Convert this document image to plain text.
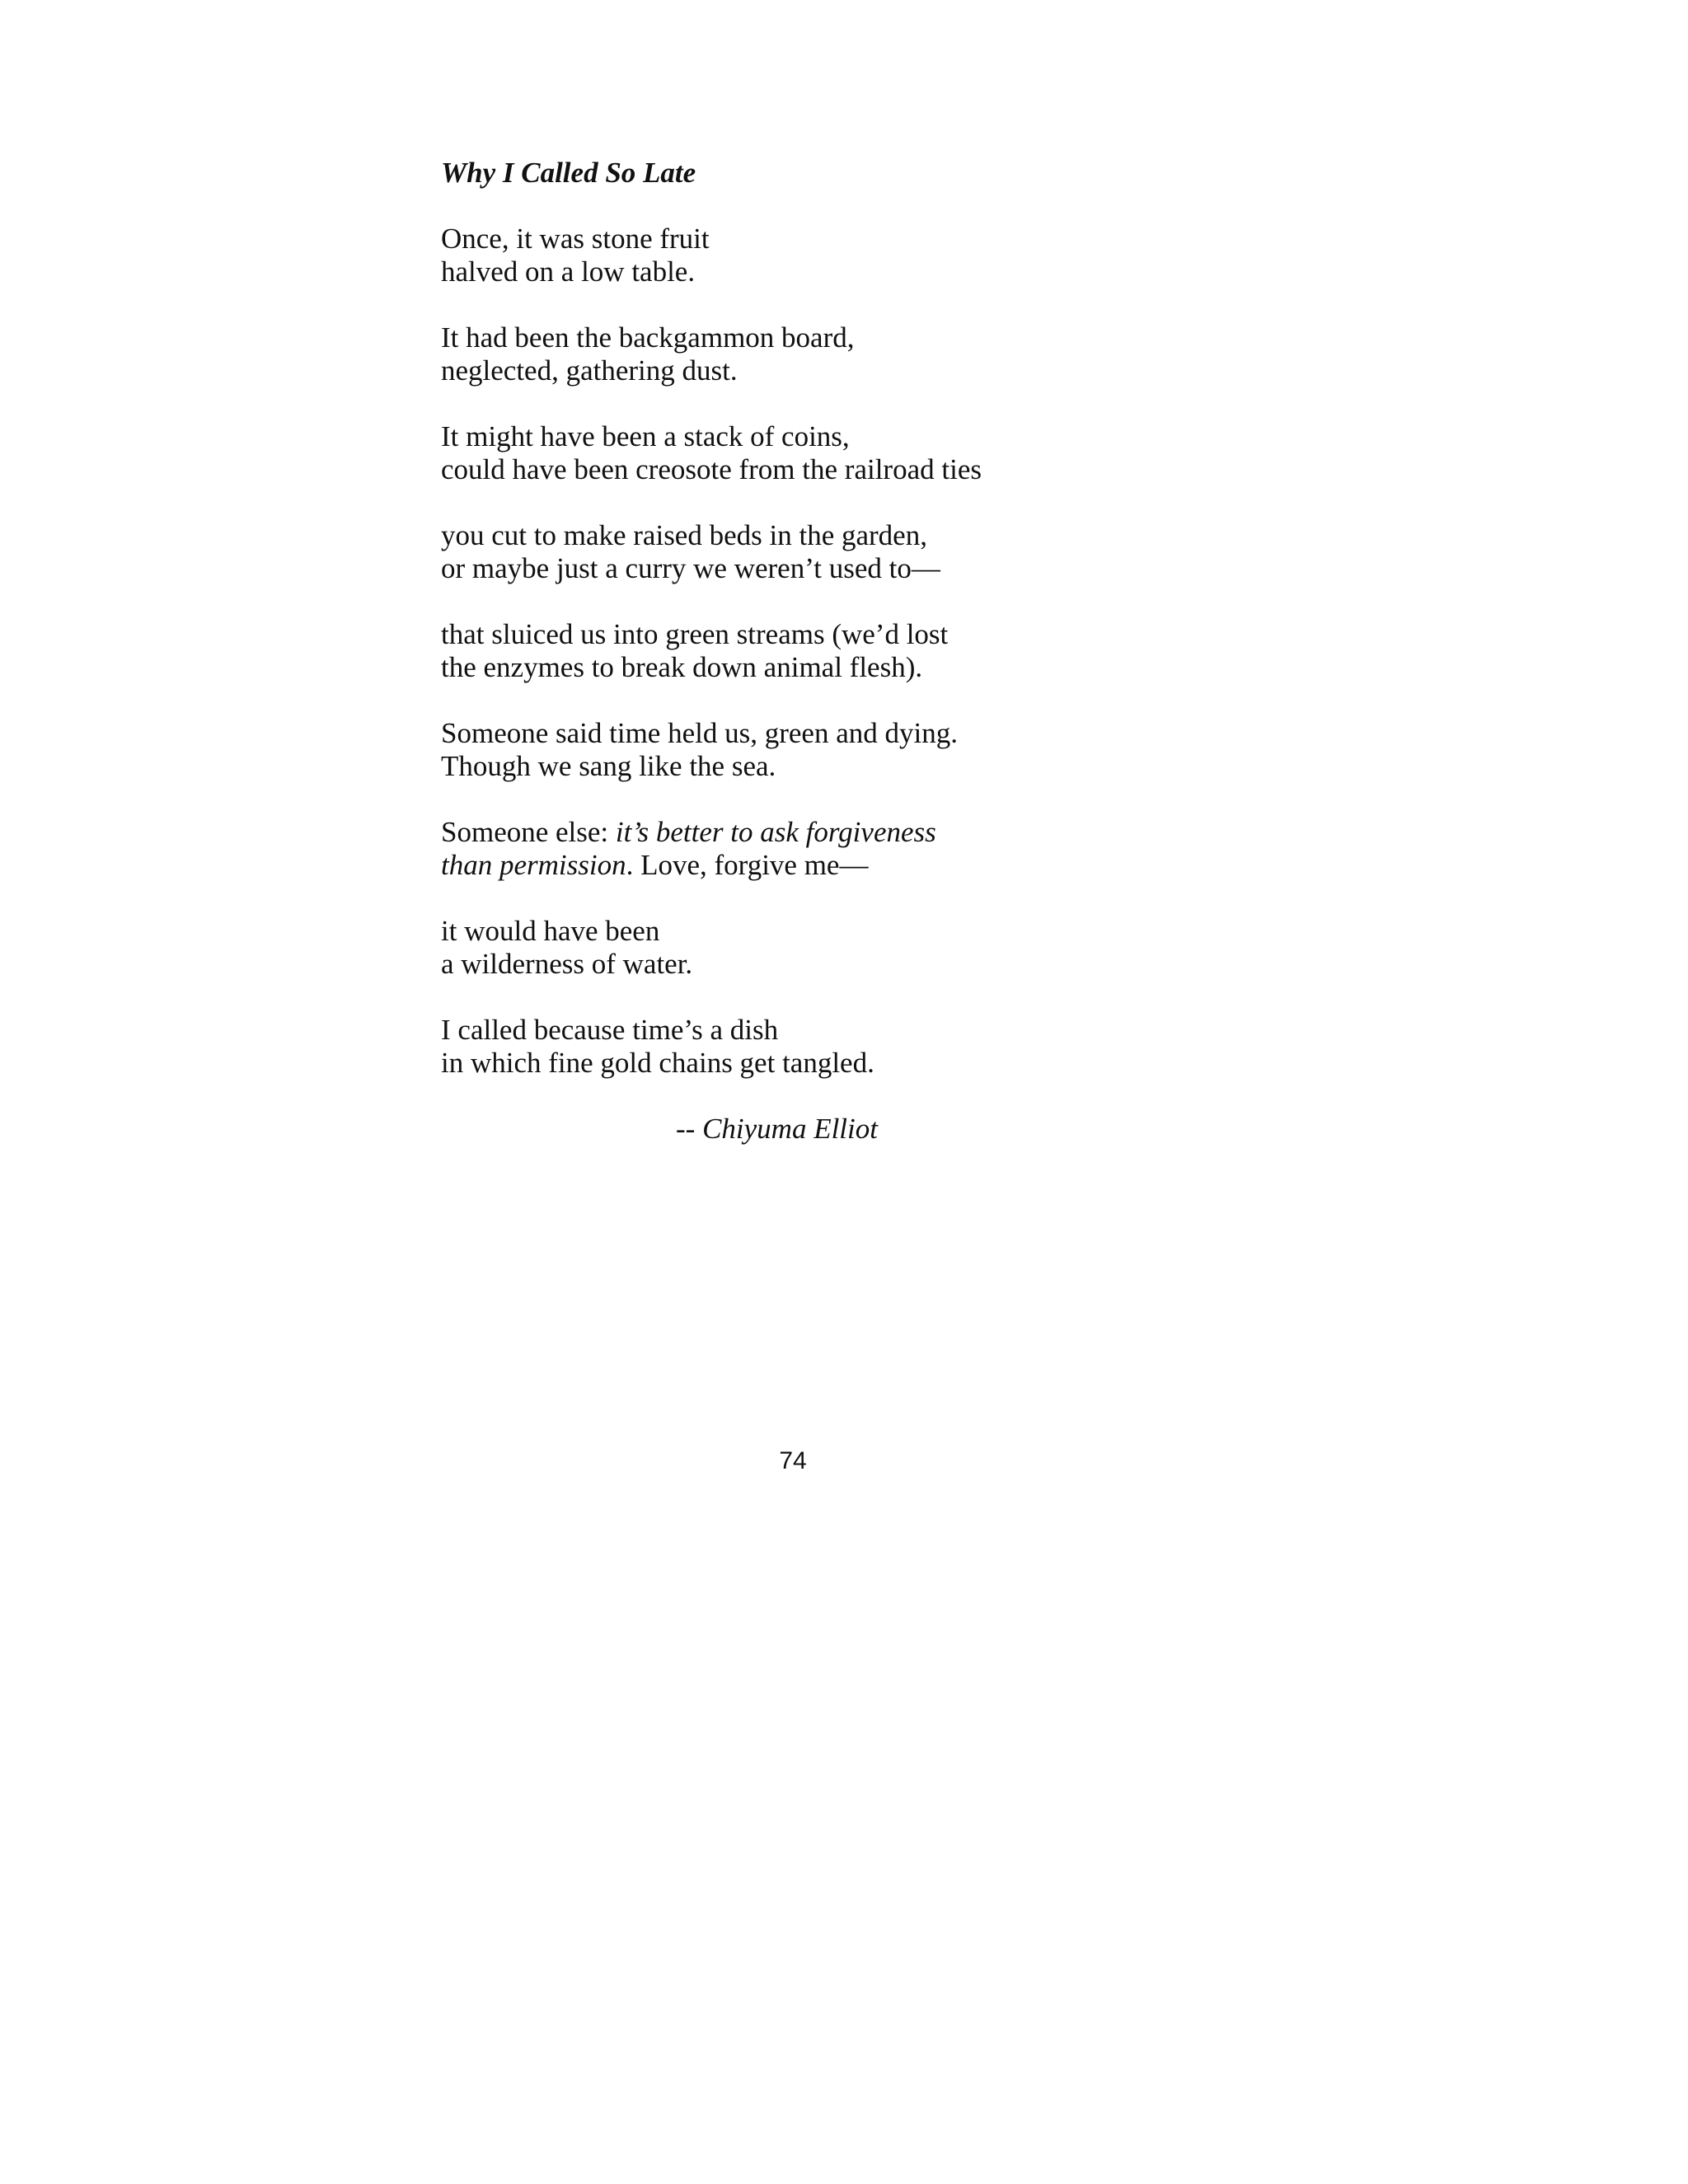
Why I Called So Late
Once, it was stone fruit
halved on a low table.
It had been the backgammon board,
neglected, gathering dust.
It might have been a stack of coins,
could have been creosote from the railroad ties
you cut to make raised beds in the garden,
or maybe just a curry we weren’t used to—
that sluiced us into green streams (we’d lost
the enzymes to break down animal flesh).
Someone said time held us, green and dying.
Though we sang like the sea.
Someone else: it’s better to ask forgiveness
than permission. Love, forgive me—
it would have been
a wilderness of water.
I called because time’s a dish
in which fine gold chains get tangled.
-- Chiyuma Elliot
74
